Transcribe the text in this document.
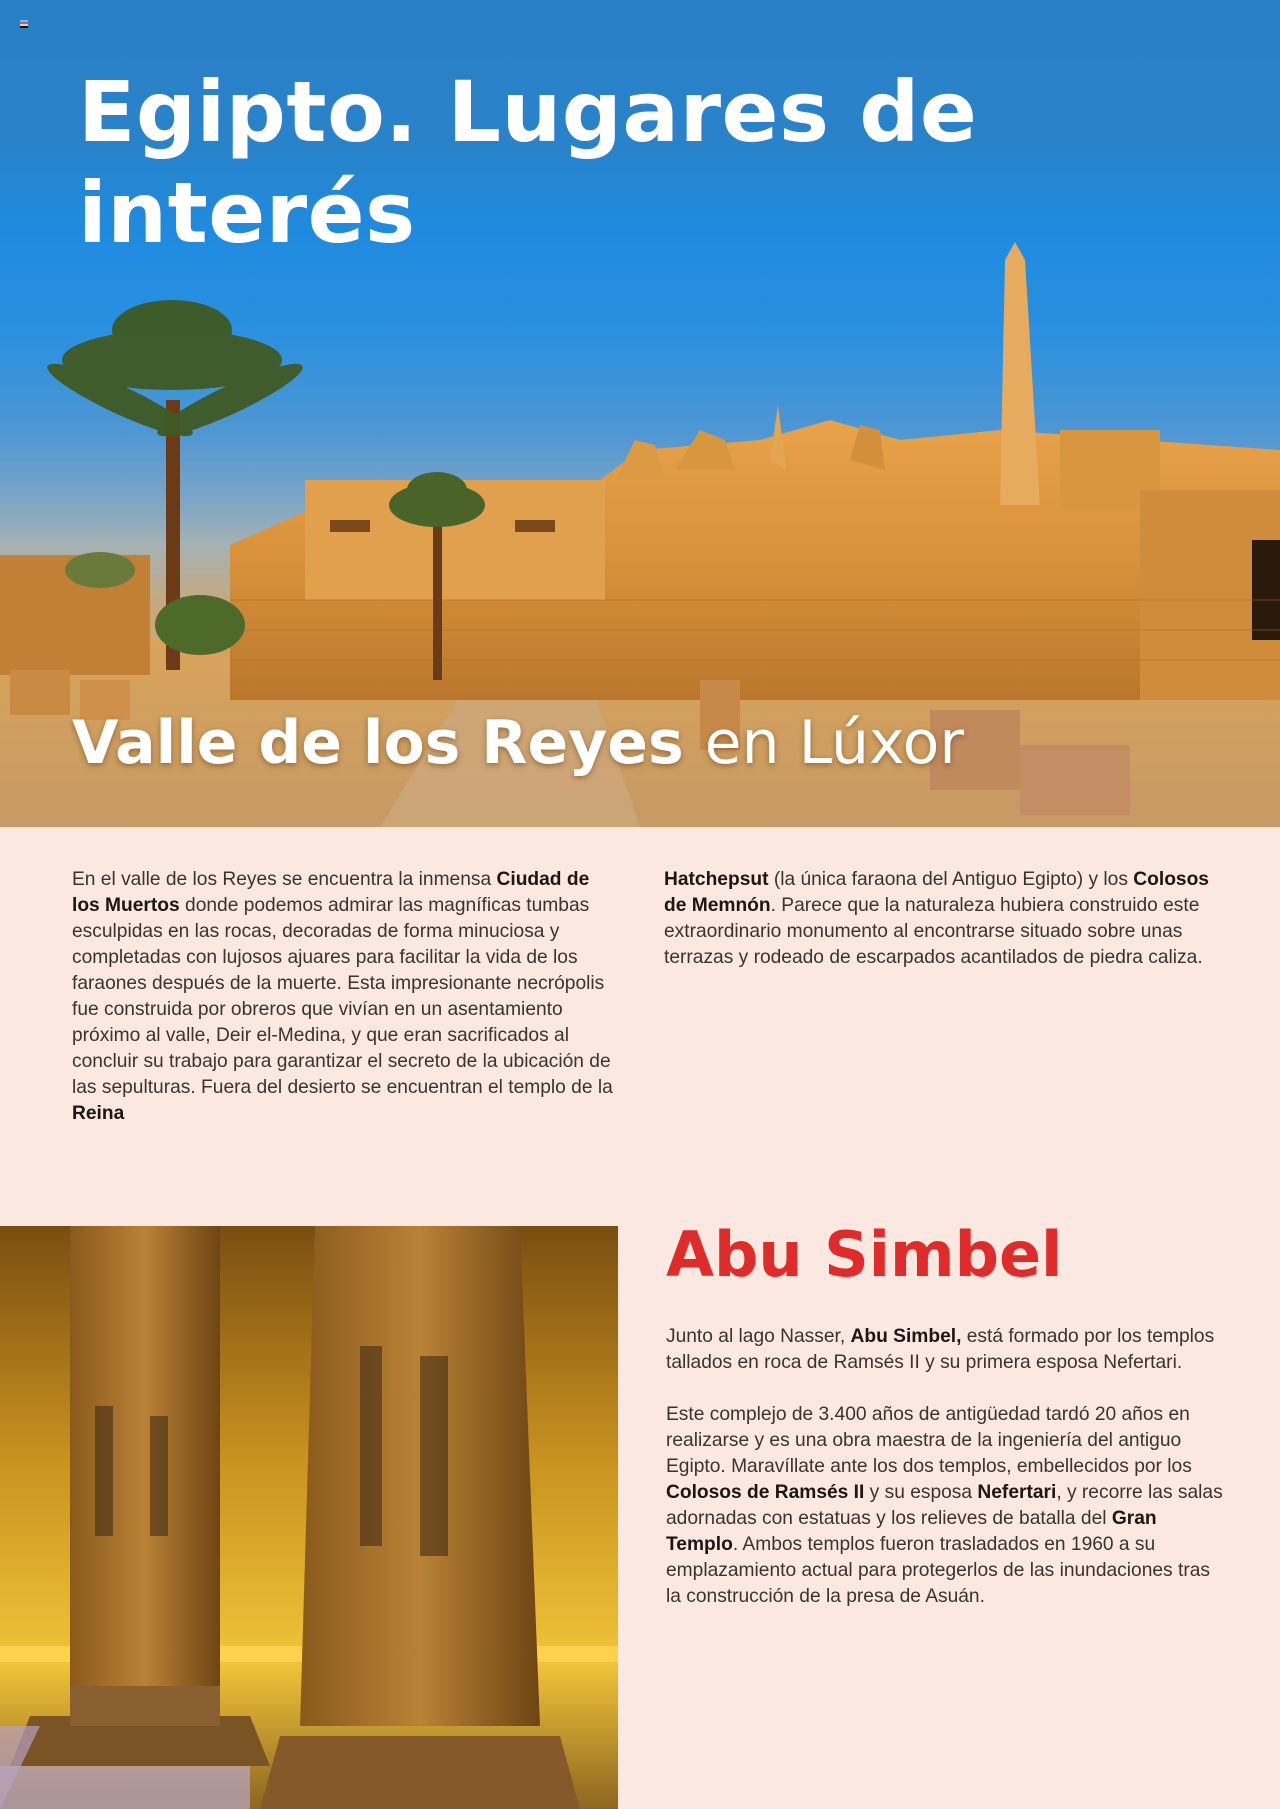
Egipto. Lugares de interés
Valle de los Reyes en Lúxor

En el valle de los Reyes se encuentra la inmensa Ciudad de los Muertos donde podemos admirar las magníficas tumbas esculpidas en las rocas, decoradas de forma minuciosa y completadas con lujosos ajuares para facilitar la vida de los faraones después de la muerte. Esta impresionante necrópolis fue construida por obreros que vivían en un asentamiento próximo al valle, Deir el-Medina, y que eran sacrificados al concluir su trabajo para garantizar el secreto de la ubicación de las sepulturas. Fuera del desierto se encuentran el templo de la Reina

Hatchepsut (la única faraona del Antiguo Egipto) y los Colosos de Memnón. Parece que la naturaleza hubiera construido este extraordinario monumento al encontrarse situado sobre unas terrazas y rodeado de escarpados acantilados de piedra caliza.

Abu Simbel

Junto al lago Nasser, Abu Simbel, está formado por los templos tallados en roca de Ramsés II y su primera esposa Nefertari.

Este complejo de 3.400 años de antigüedad tardó 20 años en realizarse y es una obra maestra de la ingeniería del antiguo Egipto. Maravíllate ante los dos templos, embellecidos por los Colosos de Ramsés II y su esposa Nefertari, y recorre las salas adornadas con estatuas y los relieves de batalla del Gran Templo. Ambos templos fueron trasladados en 1960 a su emplazamiento actual para protegerlos de las inundaciones tras la construcción de la presa de Asuán.
